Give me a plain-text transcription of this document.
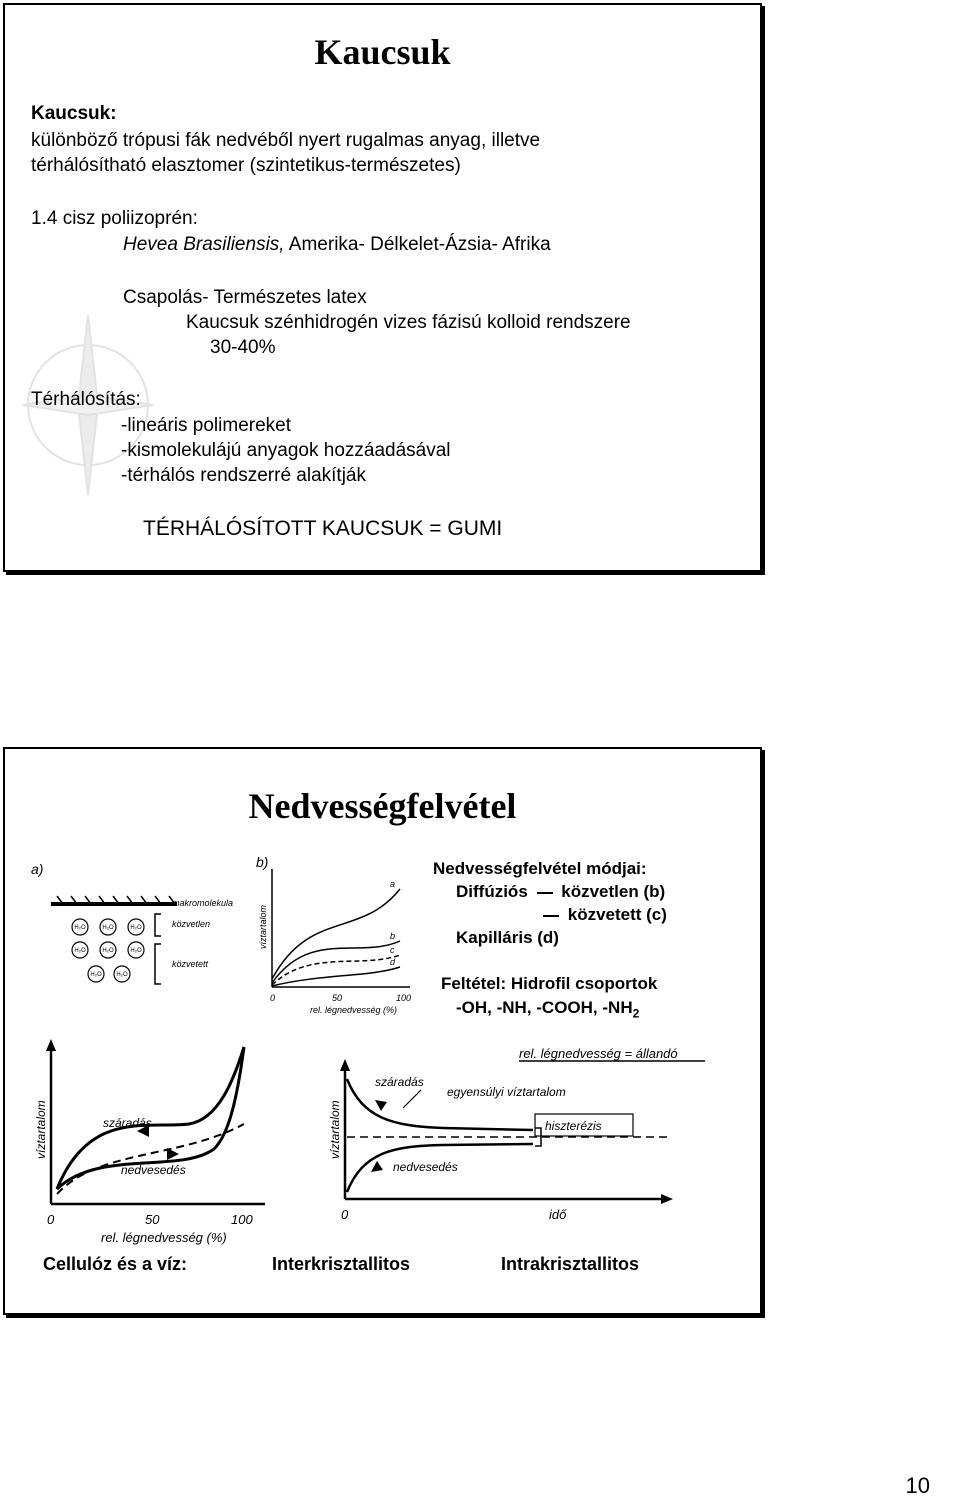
Kaucsuk
Kaucsuk:
különböző trópusi fák nedvéből nyert rugalmas anyag, illetve
térhálósítható elasztomer (szintetikus-természetes)
1.4 cisz poliizoprén:
Hevea Brasiliensis, Amerika- Délkelet-Ázsia- Afrika
Csapolás- Természetes latex
Kaucsuk szénhidrogén vizes fázisú kolloid rendszere
30-40%
Térhálósítás:
-lineáris polimereket
-kismolekulájú anyagok hozzáadásával
-térhálós rendszerré alakítják
TÉRHÁLÓSÍTOTT KAUCSUK = GUMI
Nedvességfelvétel
a)
makromolekula
közvetlen
közvetett
H₂O	H₂O	H₂O
H₂O	H₂O	H₂O
H₂O H₂O
b)
víztartalom
a
b
c
d
0	50	100
rel. légnedvesség (%)
Nedvességfelvétel módjai:
Diffúziós közvetlen (b)
közvetett (c)
Kapilláris (d)
Feltétel: Hidrofil csoportok
-OH, -NH, -COOH, $-NH_2$
víztartalom	száradás
nedvesedés
0	50	100
rel. légnedvesség (%)
rel. légnedvesség = állandó
víztartalom
száradás
egyensúlyi víztartalom
hiszterézis
nedvesedés
0	idő
Cellulóz és a víz:	Interkrisztallitos	Intrakrisztallitos
10
